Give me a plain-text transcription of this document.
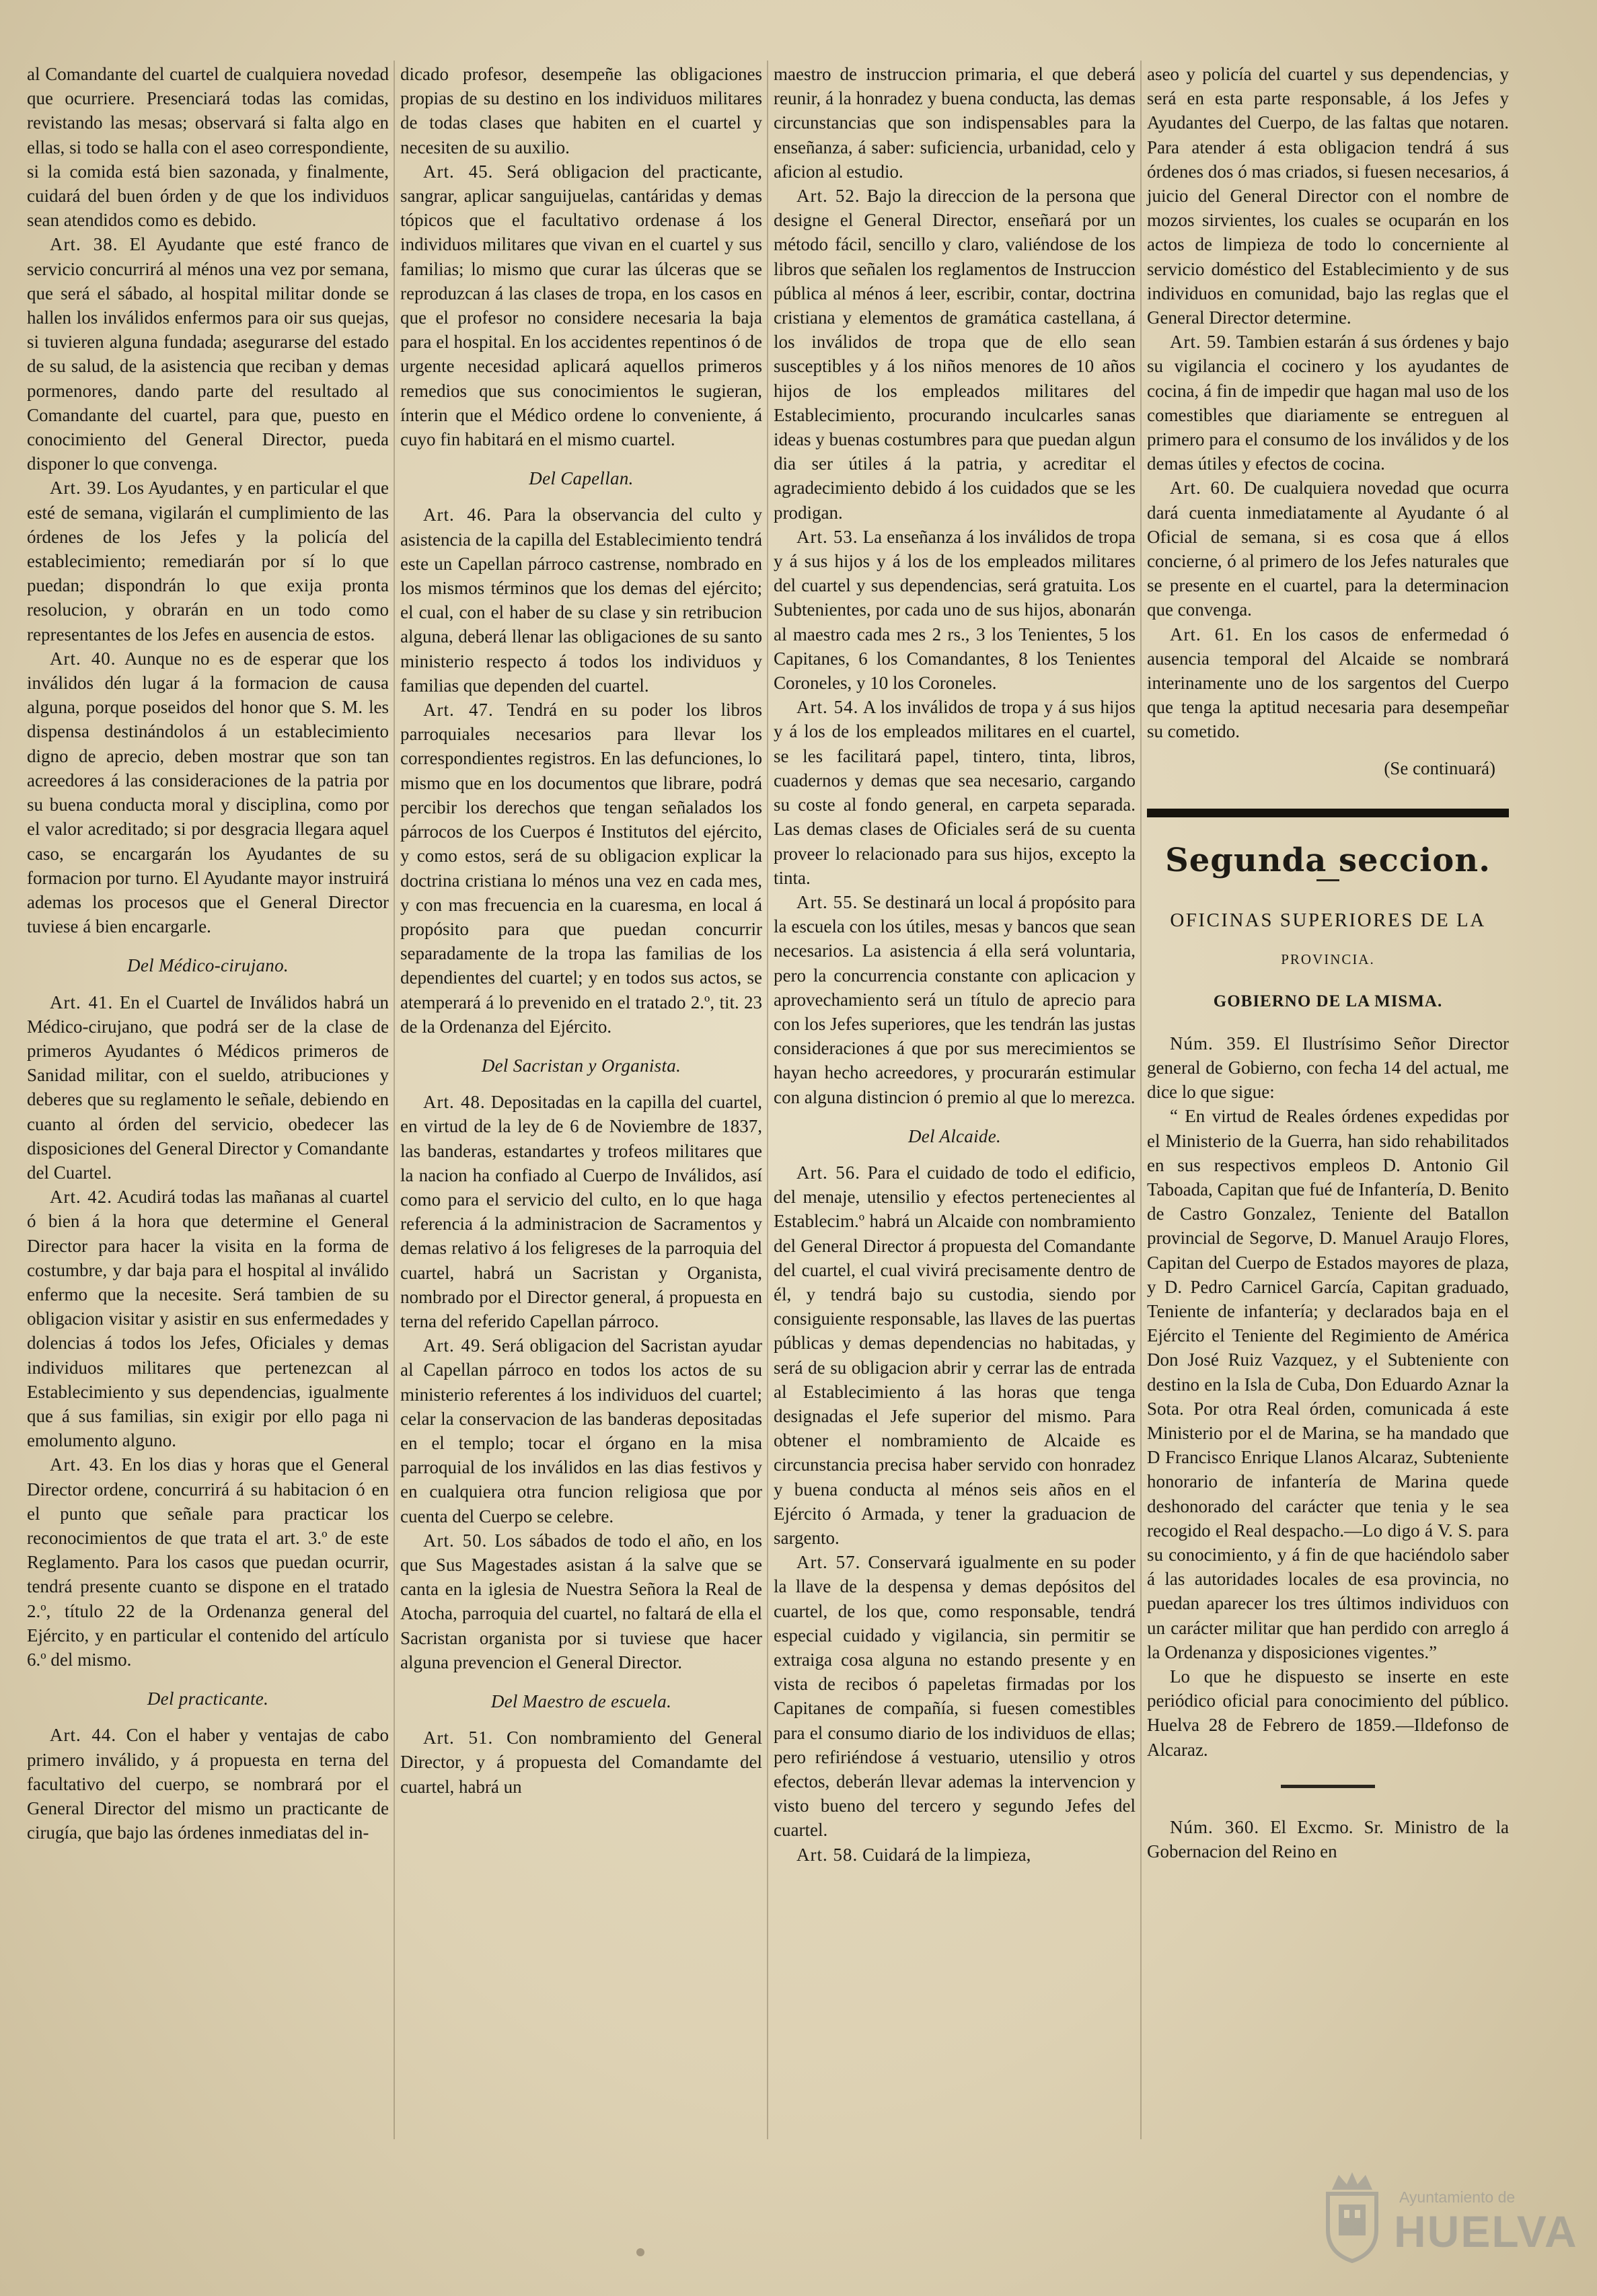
al Comandante del cuartel de cualquiera novedad que ocurriere. Presenciará todas las comidas, revistando las mesas; observará si falta algo en ellas, si todo se halla con el aseo correspondiente, si la comida está bien sazonada, y finalmente, cuidará del buen órden y de que los individuos sean atendidos como es debido.

Art. 38. El Ayudante que esté franco de servicio concurrirá al ménos una vez por semana, que será el sábado, al hospital militar donde se hallen los inválidos enfermos para oir sus quejas, si tuvieren alguna fundada; asegurarse del estado de su salud, de la asistencia que reciban y demas pormenores, dando parte del resultado al Comandante del cuartel, para que, puesto en conocimiento del General Director, pueda disponer lo que convenga.

Art. 39. Los Ayudantes, y en particular el que esté de semana, vigilarán el cumplimiento de las órdenes de los Jefes y la policía del establecimiento; remediarán por sí lo que puedan; dispondrán lo que exija pronta resolucion, y obrarán en un todo como representantes de los Jefes en ausencia de estos.

Art. 40. Aunque no es de esperar que los inválidos dén lugar á la formacion de causa alguna, porque poseidos del honor que S. M. les dispensa destinándolos á un establecimiento digno de aprecio, deben mostrar que son tan acreedores á las consideraciones de la patria por su buena conducta moral y disciplina, como por el valor acreditado; si por desgracia llegara aquel caso, se encargarán los Ayudantes de su formacion por turno. El Ayudante mayor instruirá ademas los procesos que el General Director tuviese á bien encargarle.

Del Médico-cirujano.

Art. 41. En el Cuartel de Inválidos habrá un Médico-cirujano, que podrá ser de la clase de primeros Ayudantes ó Médicos primeros de Sanidad militar, con el sueldo, atribuciones y deberes que su reglamento le señale, debiendo en cuanto al órden del servicio, obedecer las disposiciones del General Director y Comandante del Cuartel.

Art. 42. Acudirá todas las mañanas al cuartel ó bien á la hora que determine el General Director para hacer la visita en la forma de costumbre, y dar baja para el hospital al inválido enfermo que la necesite. Será tambien de su obligacion visitar y asistir en sus enfermedades y dolencias á todos los Jefes, Oficiales y demas individuos militares que pertenezcan al Establecimiento y sus dependencias, igualmente que á sus familias, sin exigir por ello paga ni emolumento alguno.

Art. 43. En los dias y horas que el General Director ordene, concurrirá á su habitacion ó en el punto que señale para practicar los reconocimientos de que trata el art. 3.º de este Reglamento. Para los casos que puedan ocurrir, tendrá presente cuanto se dispone en el tratado 2.º, título 22 de la Ordenanza general del Ejército, y en particular el contenido del artículo 6.º del mismo.

Del practicante.

Art. 44. Con el haber y ventajas de cabo primero inválido, y á propuesta en terna del facultativo del cuerpo, se nombrará por el General Director del mismo un practicante de cirugía, que bajo las órdenes inmediatas del in-

dicado profesor, desempeñe las obligaciones propias de su destino en los individuos militares de todas clases que habiten en el cuartel y necesiten de su auxilio.

Art. 45. Será obligacion del practicante, sangrar, aplicar sanguijuelas, cantáridas y demas tópicos que el facultativo ordenase á los individuos militares que vivan en el cuartel y sus familias; lo mismo que curar las úlceras que se reproduzcan á las clases de tropa, en los casos en que el profesor no considere necesaria la baja para el hospital. En los accidentes repentinos ó de urgente necesidad aplicará aquellos primeros remedios que sus conocimientos le sugieran, ínterin que el Médico ordene lo conveniente, á cuyo fin habitará en el mismo cuartel.

Del Capellan.

Art. 46. Para la observancia del culto y asistencia de la capilla del Establecimiento tendrá este un Capellan párroco castrense, nombrado en los mismos términos que los demas del ejército; el cual, con el haber de su clase y sin retribucion alguna, deberá llenar las obligaciones de su santo ministerio respecto á todos los individuos y familias que dependen del cuartel.

Art. 47. Tendrá en su poder los libros parroquiales necesarios para llevar los correspondientes registros. En las defunciones, lo mismo que en los documentos que librare, podrá percibir los derechos que tengan señalados los párrocos de los Cuerpos é Institutos del ejército, y como estos, será de su obligacion explicar la doctrina cristiana lo ménos una vez en cada mes, y con mas frecuencia en la cuaresma, en local á propósito para que puedan concurrir separadamente de la tropa las familias de los dependientes del cuartel; y en todos sus actos, se atemperará á lo prevenido en el tratado 2.º, tit. 23 de la Ordenanza del Ejército.

Del Sacristan y Organista.

Art. 48. Depositadas en la capilla del cuartel, en virtud de la ley de 6 de Noviembre de 1837, las banderas, estandartes y trofeos militares que la nacion ha confiado al Cuerpo de Inválidos, así como para el servicio del culto, en lo que haga referencia á la administracion de Sacramentos y demas relativo á los feligreses de la parroquia del cuartel, habrá un Sacristan y Organista, nombrado por el Director general, á propuesta en terna del referido Capellan párroco.

Art. 49. Será obligacion del Sacristan ayudar al Capellan párroco en todos los actos de su ministerio referentes á los individuos del cuartel; celar la conservacion de las banderas depositadas en el templo; tocar el órgano en la misa parroquial de los inválidos en las dias festivos y en cualquiera otra funcion religiosa que por cuenta del Cuerpo se celebre.

Art. 50. Los sábados de todo el año, en los que Sus Magestades asistan á la salve que se canta en la iglesia de Nuestra Señora la Real de Atocha, parroquia del cuartel, no faltará de ella el Sacristan organista por si tuviese que hacer alguna prevencion el General Director.

Del Maestro de escuela.

Art. 51. Con nombramiento del General Director, y á propuesta del Comandamte del cuartel, habrá un

maestro de instruccion primaria, el que deberá reunir, á la honradez y buena conducta, las demas circunstancias que son indispensables para la enseñanza, á saber: suficiencia, urbanidad, celo y aficion al estudio.

Art. 52. Bajo la direccion de la persona que designe el General Director, enseñará por un método fácil, sencillo y claro, valiéndose de los libros que señalen los reglamentos de Instruccion pública al ménos á leer, escribir, contar, doctrina cristiana y elementos de gramática castellana, á los inválidos de tropa que de ello sean susceptibles y á los niños menores de 10 años hijos de los empleados militares del Establecimiento, procurando inculcarles sanas ideas y buenas costumbres para que puedan algun dia ser útiles á la patria, y acreditar el agradecimiento debido á los cuidados que se les prodigan.

Art. 53. La enseñanza á los inválidos de tropa y á sus hijos y á los de los empleados militares del cuartel y sus dependencias, será gratuita. Los Subtenientes, por cada uno de sus hijos, abonarán al maestro cada mes 2 rs., 3 los Tenientes, 5 los Capitanes, 6 los Comandantes, 8 los Tenientes Coroneles, y 10 los Coroneles.

Art. 54. A los inválidos de tropa y á sus hijos y á los de los empleados militares en el cuartel, se les facilitará papel, tintero, tinta, libros, cuadernos y demas que sea necesario, cargando su coste al fondo general, en carpeta separada. Las demas clases de Oficiales será de su cuenta proveer lo relacionado para sus hijos, excepto la tinta.

Art. 55. Se destinará un local á propósito para la escuela con los útiles, mesas y bancos que sean necesarios. La asistencia á ella será voluntaria, pero la concurrencia constante con aplicacion y aprovechamiento será un título de aprecio para con los Jefes superiores, que les tendrán las justas consideraciones á que por sus merecimientos se hayan hecho acreedores, y procurarán estimular con alguna distincion ó premio al que lo merezca.

Del Alcaide.

Art. 56. Para el cuidado de todo el edificio, del menaje, utensilio y efectos pertenecientes al Establecim.º habrá un Alcaide con nombramiento del General Director á propuesta del Comandante del cuartel, el cual vivirá precisamente dentro de él, y tendrá bajo su custodia, siendo por consiguiente responsable, las llaves de las puertas públicas y demas dependencias no habitadas, y será de su obligacion abrir y cerrar las de entrada al Establecimiento á las horas que tenga designadas el Jefe superior del mismo. Para obtener el nombramiento de Alcaide es circunstancia precisa haber servido con honradez y buena conducta al ménos seis años en el Ejército ó Armada, y tener la graduacion de sargento.

Art. 57. Conservará igualmente en su poder la llave de la despensa y demas depósitos del cuartel, de los que, como responsable, tendrá especial cuidado y vigilancia, sin permitir se extraiga cosa alguna no estando presente y en vista de recibos ó papeletas firmadas por los Capitanes de compañía, si fuesen comestibles para el consumo diario de los individuos de ellas; pero refiriéndose á vestuario, utensilio y otros efectos, deberán llevar ademas la intervencion y visto bueno del tercero y segundo Jefes del cuartel.

Art. 58. Cuidará de la limpieza,

aseo y policía del cuartel y sus dependencias, y será en esta parte responsable, á los Jefes y Ayudantes del Cuerpo, de las faltas que notaren. Para atender á esta obligacion tendrá á sus órdenes dos ó mas criados, si fuesen necesarios, á juicio del General Director con el nombre de mozos sirvientes, los cuales se ocuparán en los actos de limpieza de todo lo concerniente al servicio doméstico del Establecimiento y de sus individuos en comunidad, bajo las reglas que el General Director determine.

Art. 59. Tambien estarán á sus órdenes y bajo su vigilancia el cocinero y los ayudantes de cocina, á fin de impedir que hagan mal uso de los comestibles que diariamente se entreguen al primero para el consumo de los inválidos y de los demas útiles y efectos de cocina.

Art. 60. De cualquiera novedad que ocurra dará cuenta inmediatamente al Ayudante ó al Oficial de semana, si es cosa que á ellos concierne, ó al primero de los Jefes naturales que se presente en el cuartel, para la determinacion que convenga.

Art. 61. En los casos de enfermedad ó ausencia temporal del Alcaide se nombrará interinamente uno de los sargentos del Cuerpo que tenga la aptitud necesaria para desempeñar su cometido.

(Se continuará)

Segunda seccion.
OFICINAS SUPERIORES DE LA
PROVINCIA.
GOBIERNO DE LA MISMA.

Núm. 359. El Ilustrísimo Señor Director general de Gobierno, con fecha 14 del actual, me dice lo que sigue:

“ En virtud de Reales órdenes expedidas por el Ministerio de la Guerra, han sido rehabilitados en sus respectivos empleos D. Antonio Gil Taboada, Capitan que fué de Infantería, D. Benito de Castro Gonzalez, Teniente del Batallon provincial de Segorve, D. Manuel Araujo Flores, Capitan del Cuerpo de Estados mayores de plaza, y D. Pedro Carnicel García, Capitan graduado, Teniente de infantería; y declarados baja en el Ejército el Teniente del Regimiento de América Don José Ruiz Vazquez, y el Subteniente con destino en la Isla de Cuba, Don Eduardo Aznar la Sota. Por otra Real órden, comunicada á este Ministerio por el de Marina, se ha mandado que D Francisco Enrique Llanos Alcaraz, Subteniente honorario de infantería de Marina quede deshonorado del carácter que tenia y le sea recogido el Real despacho.—Lo digo á V. S. para su conocimiento, y á fin de que haciéndolo saber á las autoridades locales de esa provincia, no puedan aparecer los tres últimos individuos con un carácter militar que han perdido con arreglo á la Ordenanza y disposiciones vigentes.”

Lo que he dispuesto se inserte en este periódico oficial para conocimiento del público. Huelva 28 de Febrero de 1859.—Ildefonso de Alcaraz.

Núm. 360. El Excmo. Sr. Ministro de la Gobernacion del Reino en

Ayuntamiento de
HUELVA
